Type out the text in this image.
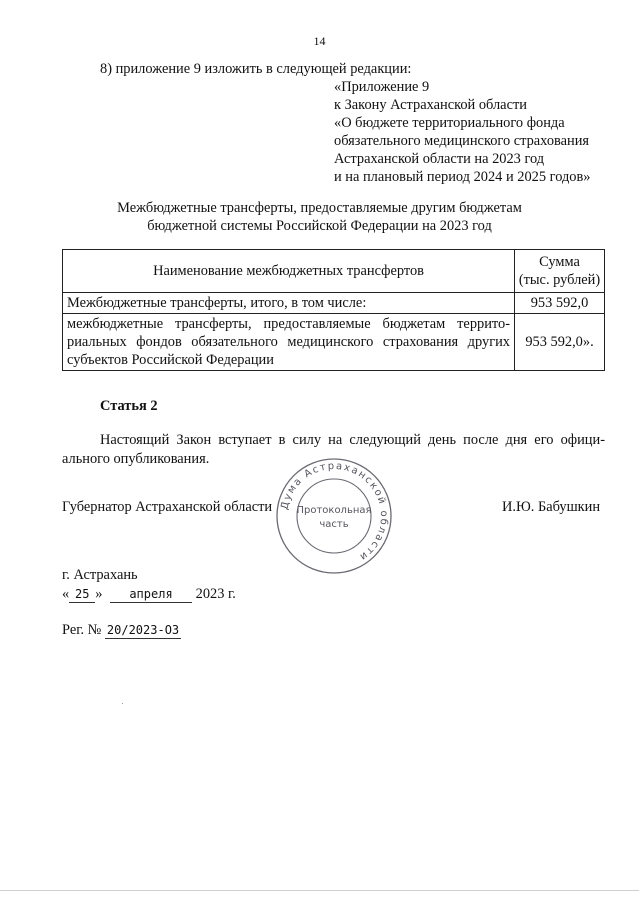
14
8) приложение 9 изложить в следующей редакции:
«Приложение 9
к Закону Астраханской области
«О бюджете территориального фонда
обязательного медицинского страхования
Астраханской области на 2023 год
и на плановый период 2024 и 2025 годов»
Межбюджетные трансферты, предоставляемые другим бюджетам
бюджетной системы Российской Федерации на 2023 год
Наименование межбюджетных трансфертов	Сумма
(тыс. рублей)

Межбюджетные трансферты, итого, в том числе:	953 592,0

межбюджетные трансферты, предоставляемые бюджетам террито-
риальных фондов обязательного медицинского страхования других
субъектов Российской Федерации	953 592,0».
Статья 2
Настоящий Закон вступает в силу на следующий день после дня его офици-
ального опубликования.
Губернатор Астраханской области	И.Ю. Бабушкин
Дума Астраханской области
Протокольная
часть
г. Астрахань
« 25 » апреля 2023 г.
Рег. № 20/2023-ОЗ
